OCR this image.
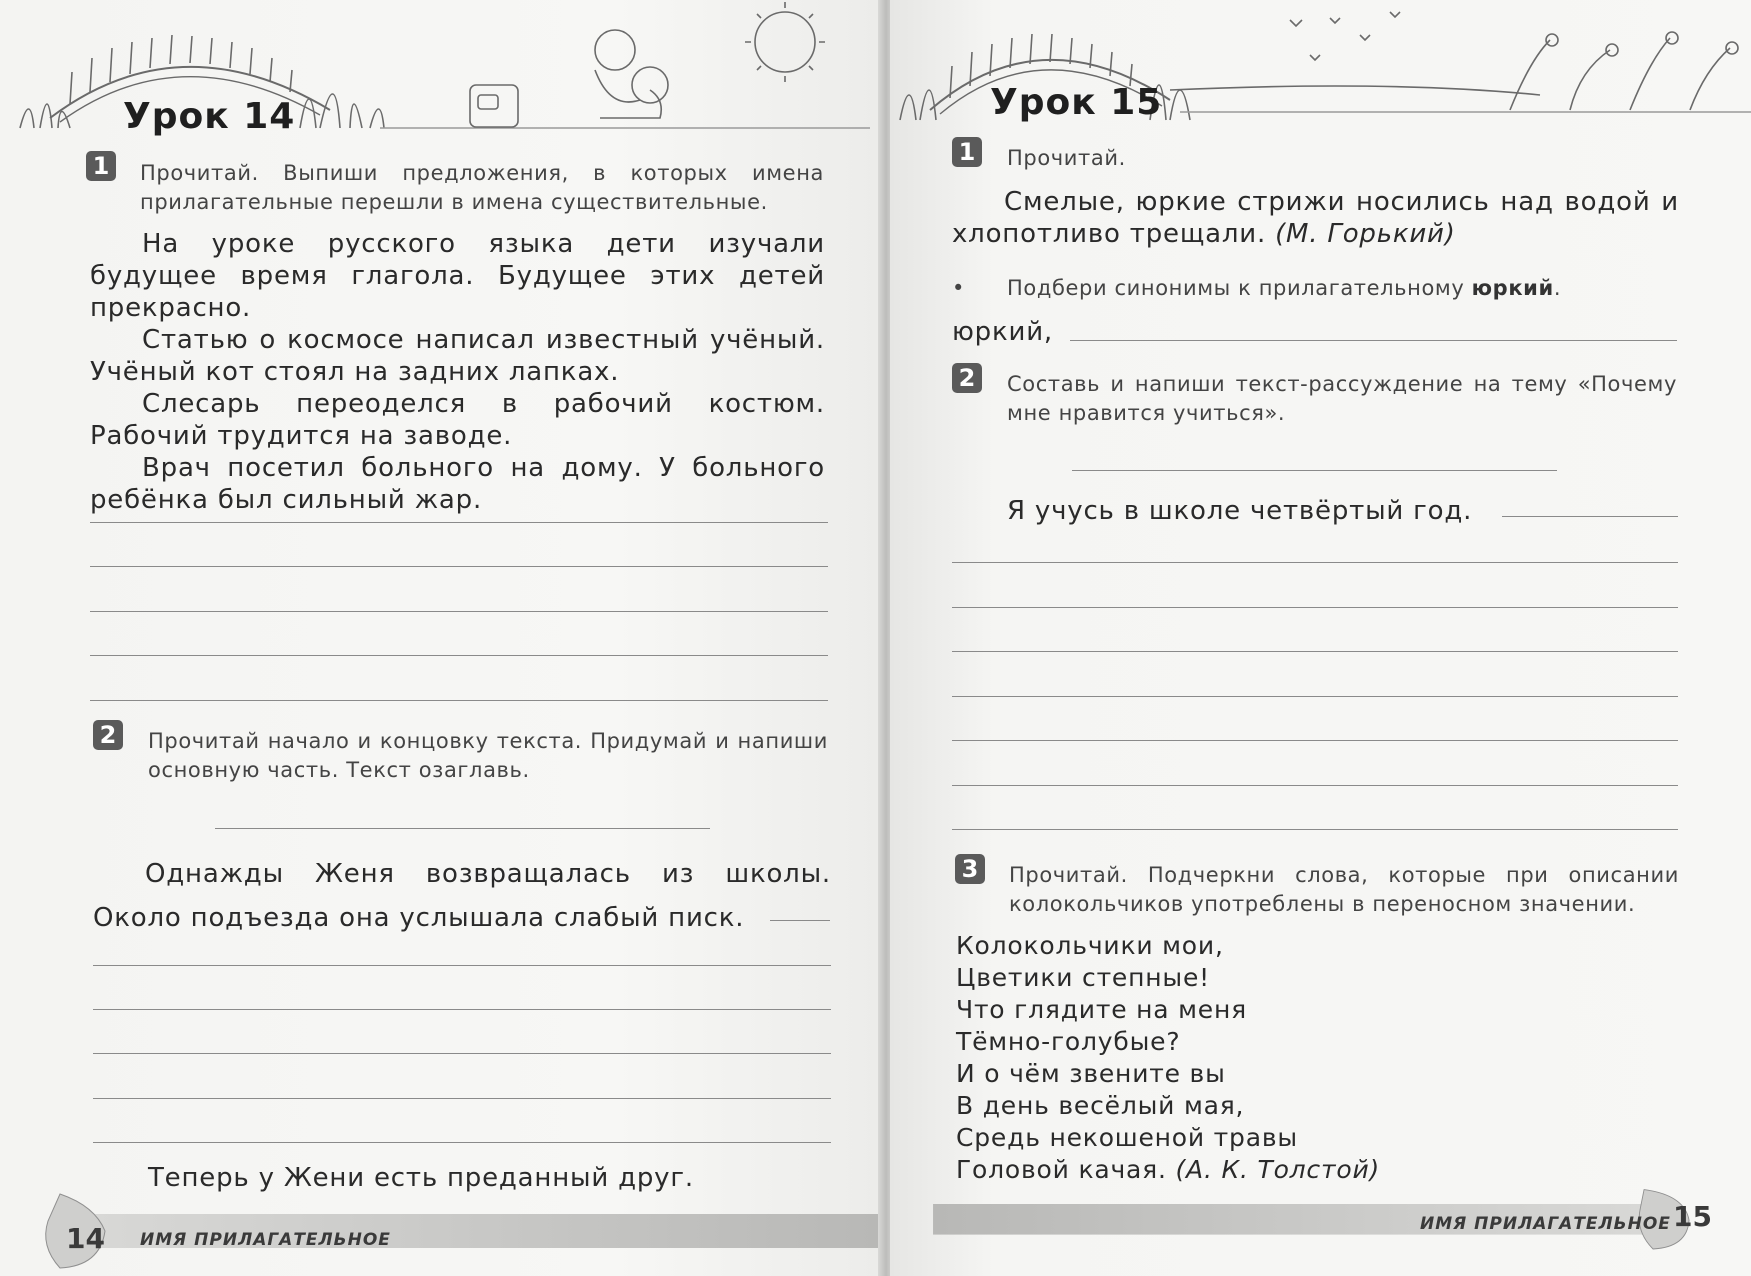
Урок 14
1	Прочитай. Выпиши предложения, в которых имена прилагательные перешли в имена существительные.

На уроке русского языка дети изучали будущее время глагола. Будущее этих детей прекрасно.

Статью о космосе написал известный учёный. Учёный кот стоял на задних лапках.

Слесарь переоделся в рабочий костюм. Рабочий трудится на заводе.

Врач посетил больного на дому. У больного ребёнка был сильный жар.

2	Прочитай начало и концовку текста. Придумай и напиши основную часть. Текст озаглавь.

Однажды Женя возвращалась из школы. Около подъезда она услышала слабый писк.

Теперь у Жени есть преданный друг.
14 ИМЯ ПРИЛАГАТЕЛЬНОЕ
Урок 15
1	Прочитай.

Смелые, юркие стрижи носились над водой и хлопотливо трещали. (М. Горький)

• Подбери синонимы к прилагательному юркий.
юркий,
2	Составь и напиши текст-рассуждение на тему «Почему мне нравится учиться».
Я учусь в школе четвёртый год.
3	Прочитай. Подчеркни слова, которые при описании колокольчиков употреблены в переносном значении.
Колокольчики мои,
Цветики степные!
Что глядите на меня
Тёмно-голубые?
И о чём звените вы
В день весёлый мая,
Средь некошеной травы
Головой качая. (А. К. Толстой)
15
ИМЯ ПРИЛАГАТЕЛЬНОЕ
